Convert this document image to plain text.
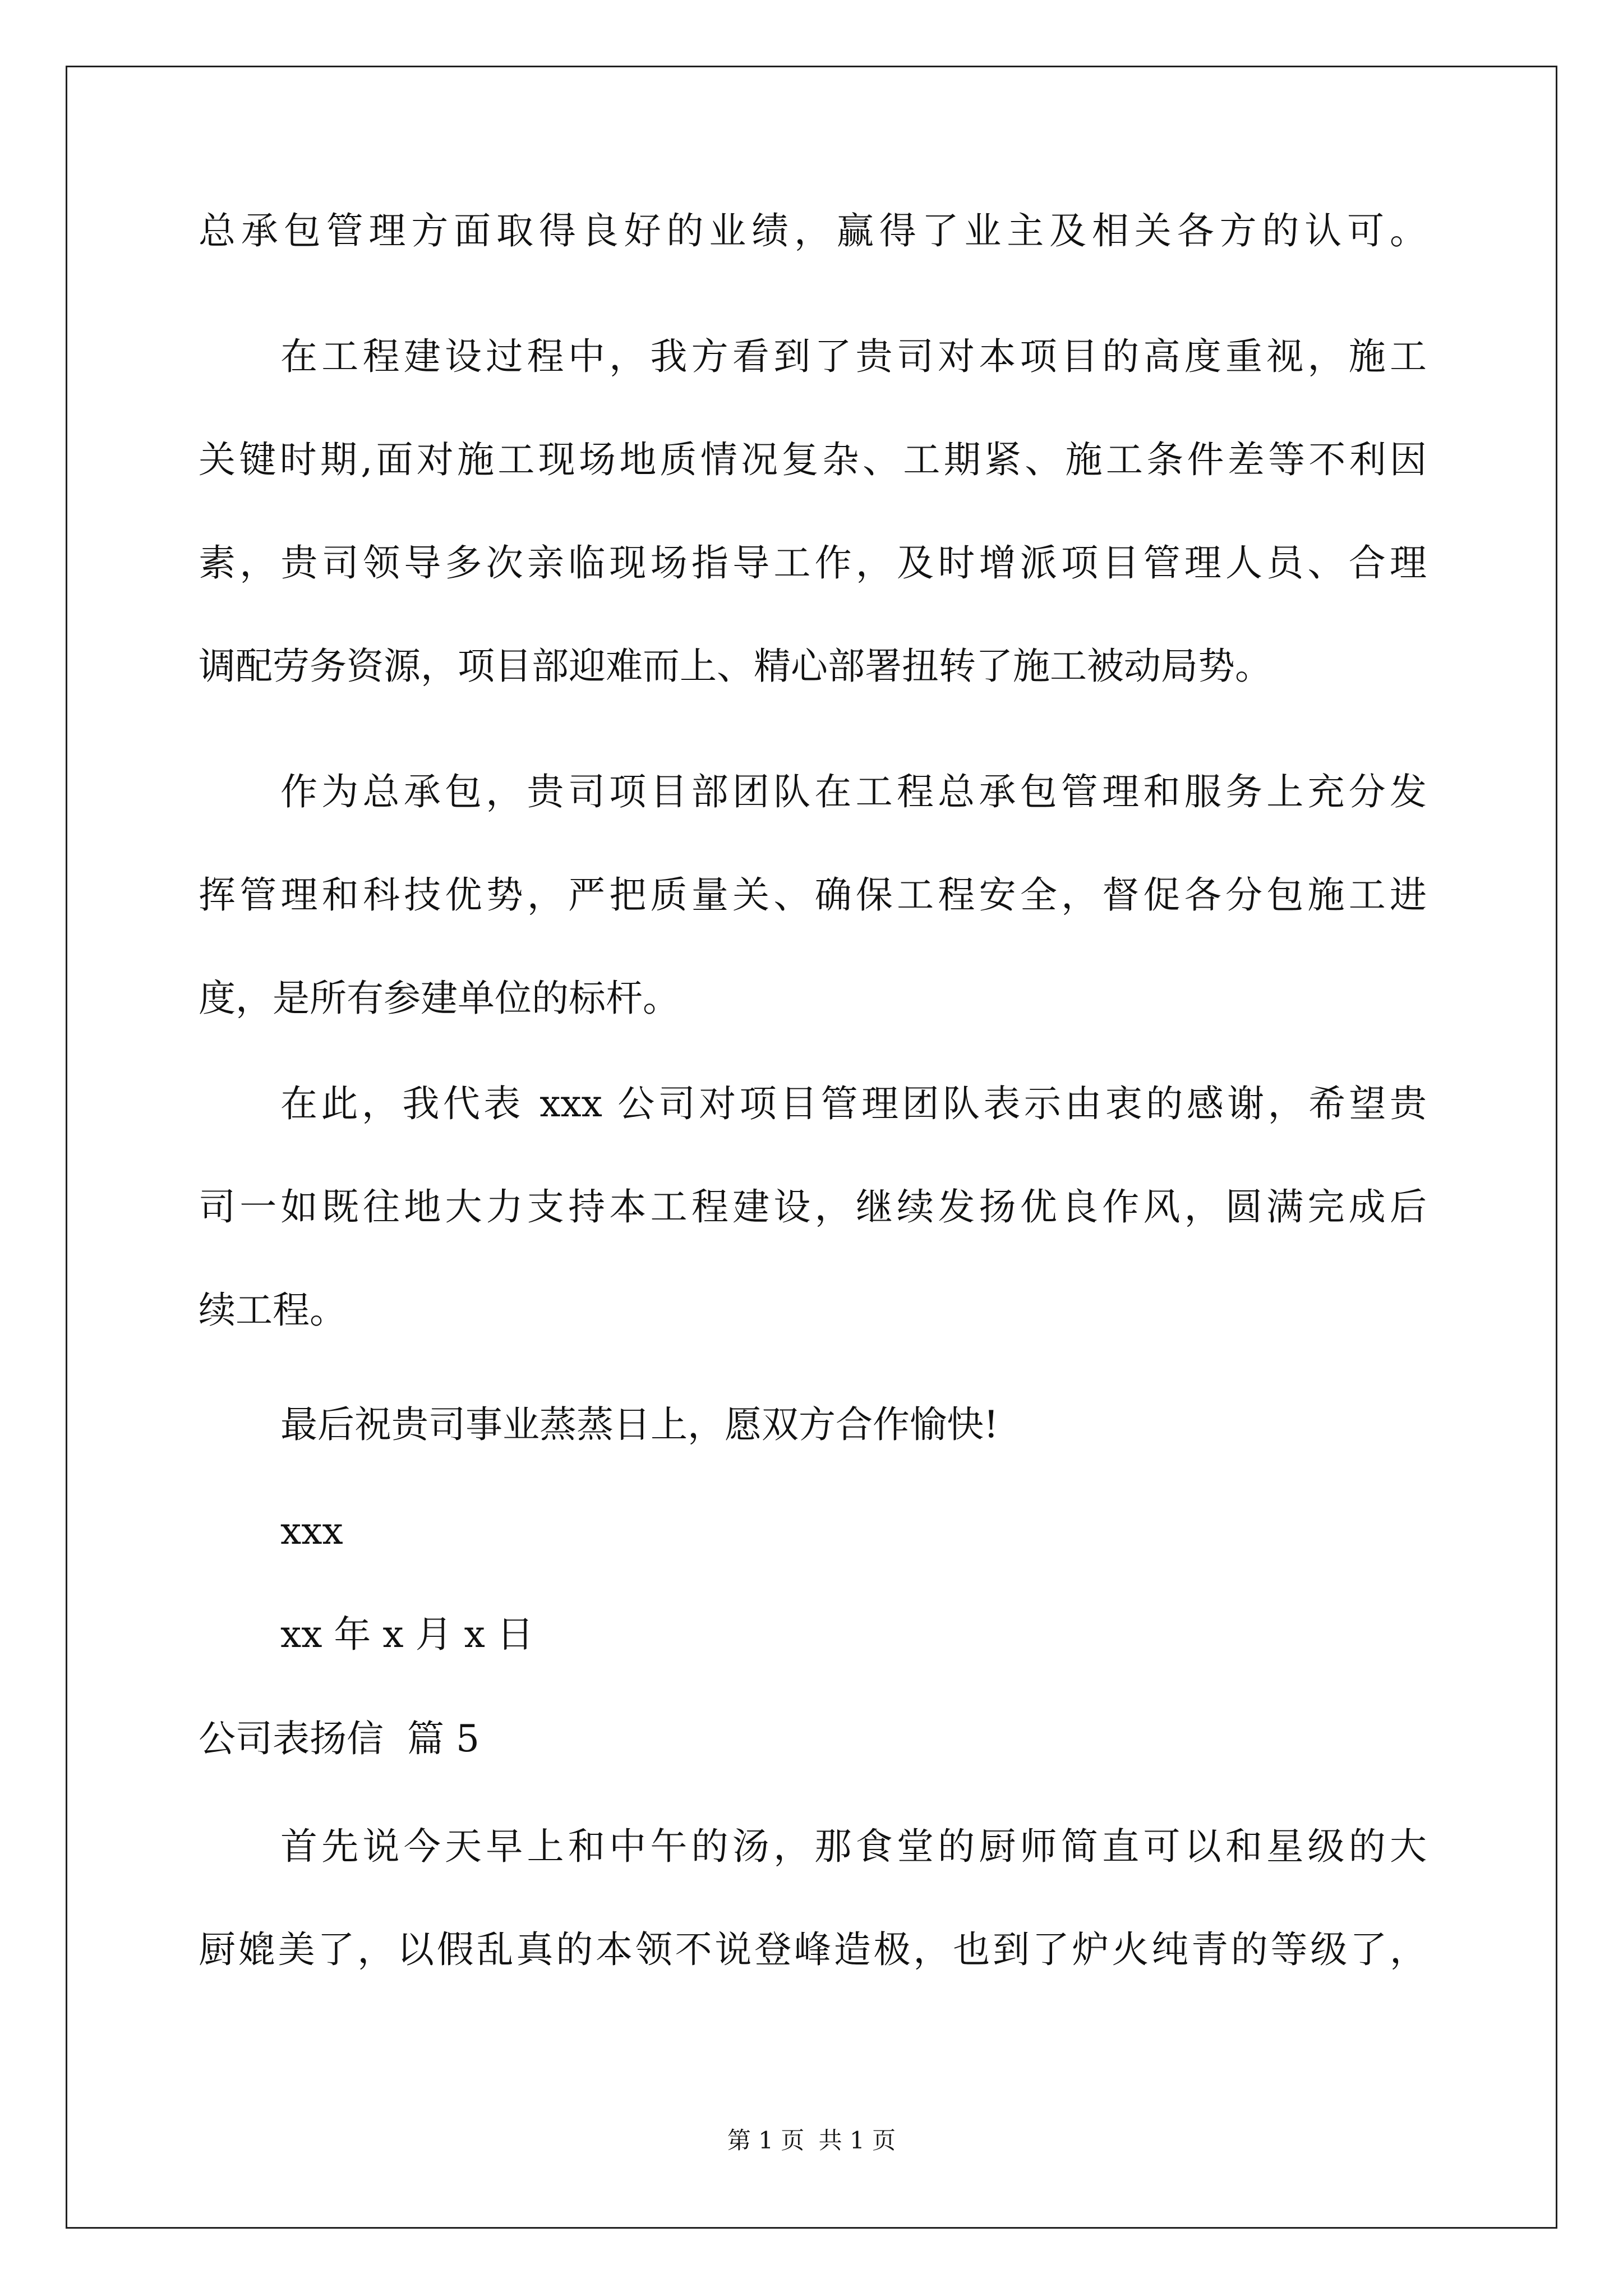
总承包管理方面取得良好的业绩，赢得了业主及相关各方的认可。
在工程建设过程中，我方看到了贵司对本项目的高度重视，施工
关键时期,面对施工现场地质情况复杂、工期紧、施工条件差等不利因
素，贵司领导多次亲临现场指导工作，及时增派项目管理人员、合理
调配劳务资源，项目部迎难而上、精心部署扭转了施工被动局势。
作为总承包，贵司项目部团队在工程总承包管理和服务上充分发
挥管理和科技优势，严把质量关、确保工程安全，督促各分包施工进
度，是所有参建单位的标杆。
在此，我代表 xxx 公司对项目管理团队表示由衷的感谢，希望贵
司一如既往地大力支持本工程建设，继续发扬优良作风，圆满完成后
续工程。
最后祝贵司事业蒸蒸日上，愿双方合作愉快!
xxx
xx 年 x 月 x 日
公司表扬信  篇 5
首先说今天早上和中午的汤，那食堂的厨师简直可以和星级的大
厨媲美了，以假乱真的本领不说登峰造极，也到了炉火纯青的等级了，
第 1 页 共 1 页
